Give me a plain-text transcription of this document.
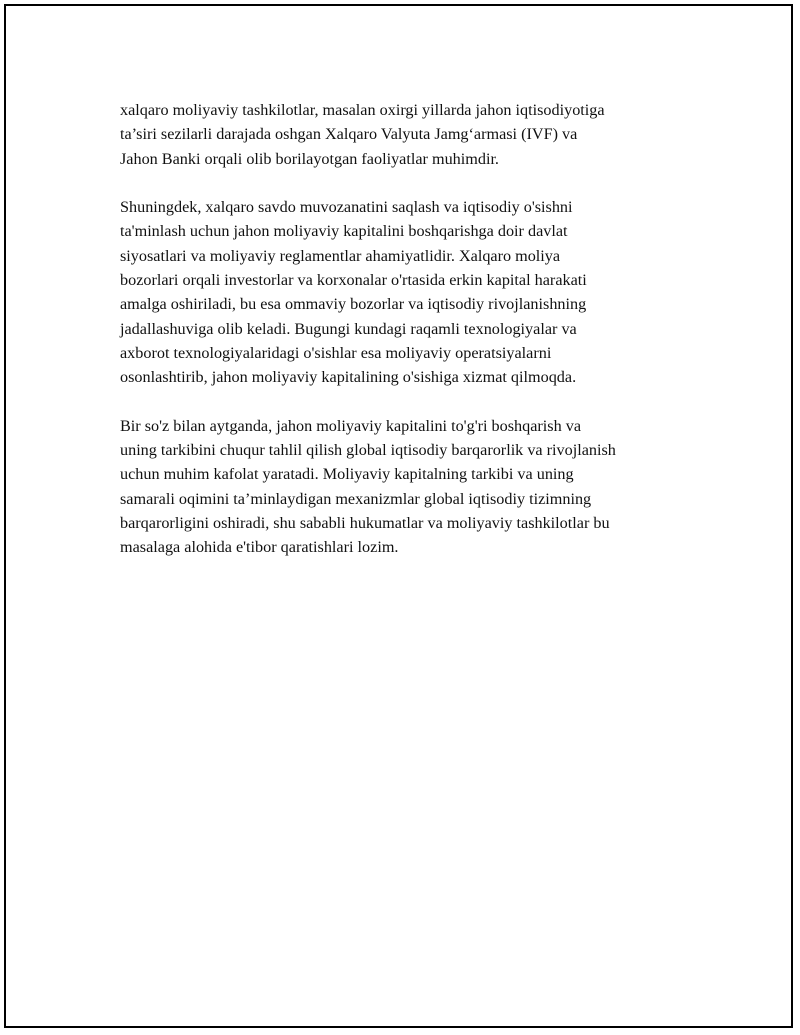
xalqaro moliyaviy tashkilotlar, masalan oxirgi yillarda jahon iqtisodiyotiga
ta’siri sezilarli darajada oshgan Xalqaro Valyuta Jamg‘armasi (IVF) va
Jahon Banki orqali olib borilayotgan faoliyatlar muhimdir.

Shuningdek, xalqaro savdo muvozanatini saqlash va iqtisodiy o'sishni
ta'minlash uchun jahon moliyaviy kapitalini boshqarishga doir davlat
siyosatlari va moliyaviy reglamentlar ahamiyatlidir. Xalqaro moliya
bozorlari orqali investorlar va korxonalar o'rtasida erkin kapital harakati
amalga oshiriladi, bu esa ommaviy bozorlar va iqtisodiy rivojlanishning
jadallashuviga olib keladi. Bugungi kundagi raqamli texnologiyalar va
axborot texnologiyalaridagi o'sishlar esa moliyaviy operatsiyalarni
osonlashtirib, jahon moliyaviy kapitalining o'sishiga xizmat qilmoqda.

Bir so'z bilan aytganda, jahon moliyaviy kapitalini to'g'ri boshqarish va
uning tarkibini chuqur tahlil qilish global iqtisodiy barqarorlik va rivojlanish
uchun muhim kafolat yaratadi. Moliyaviy kapitalning tarkibi va uning
samarali oqimini ta’minlaydigan mexanizmlar global iqtisodiy tizimning
barqarorligini oshiradi, shu sababli hukumatlar va moliyaviy tashkilotlar bu
masalaga alohida e'tibor qaratishlari lozim.
